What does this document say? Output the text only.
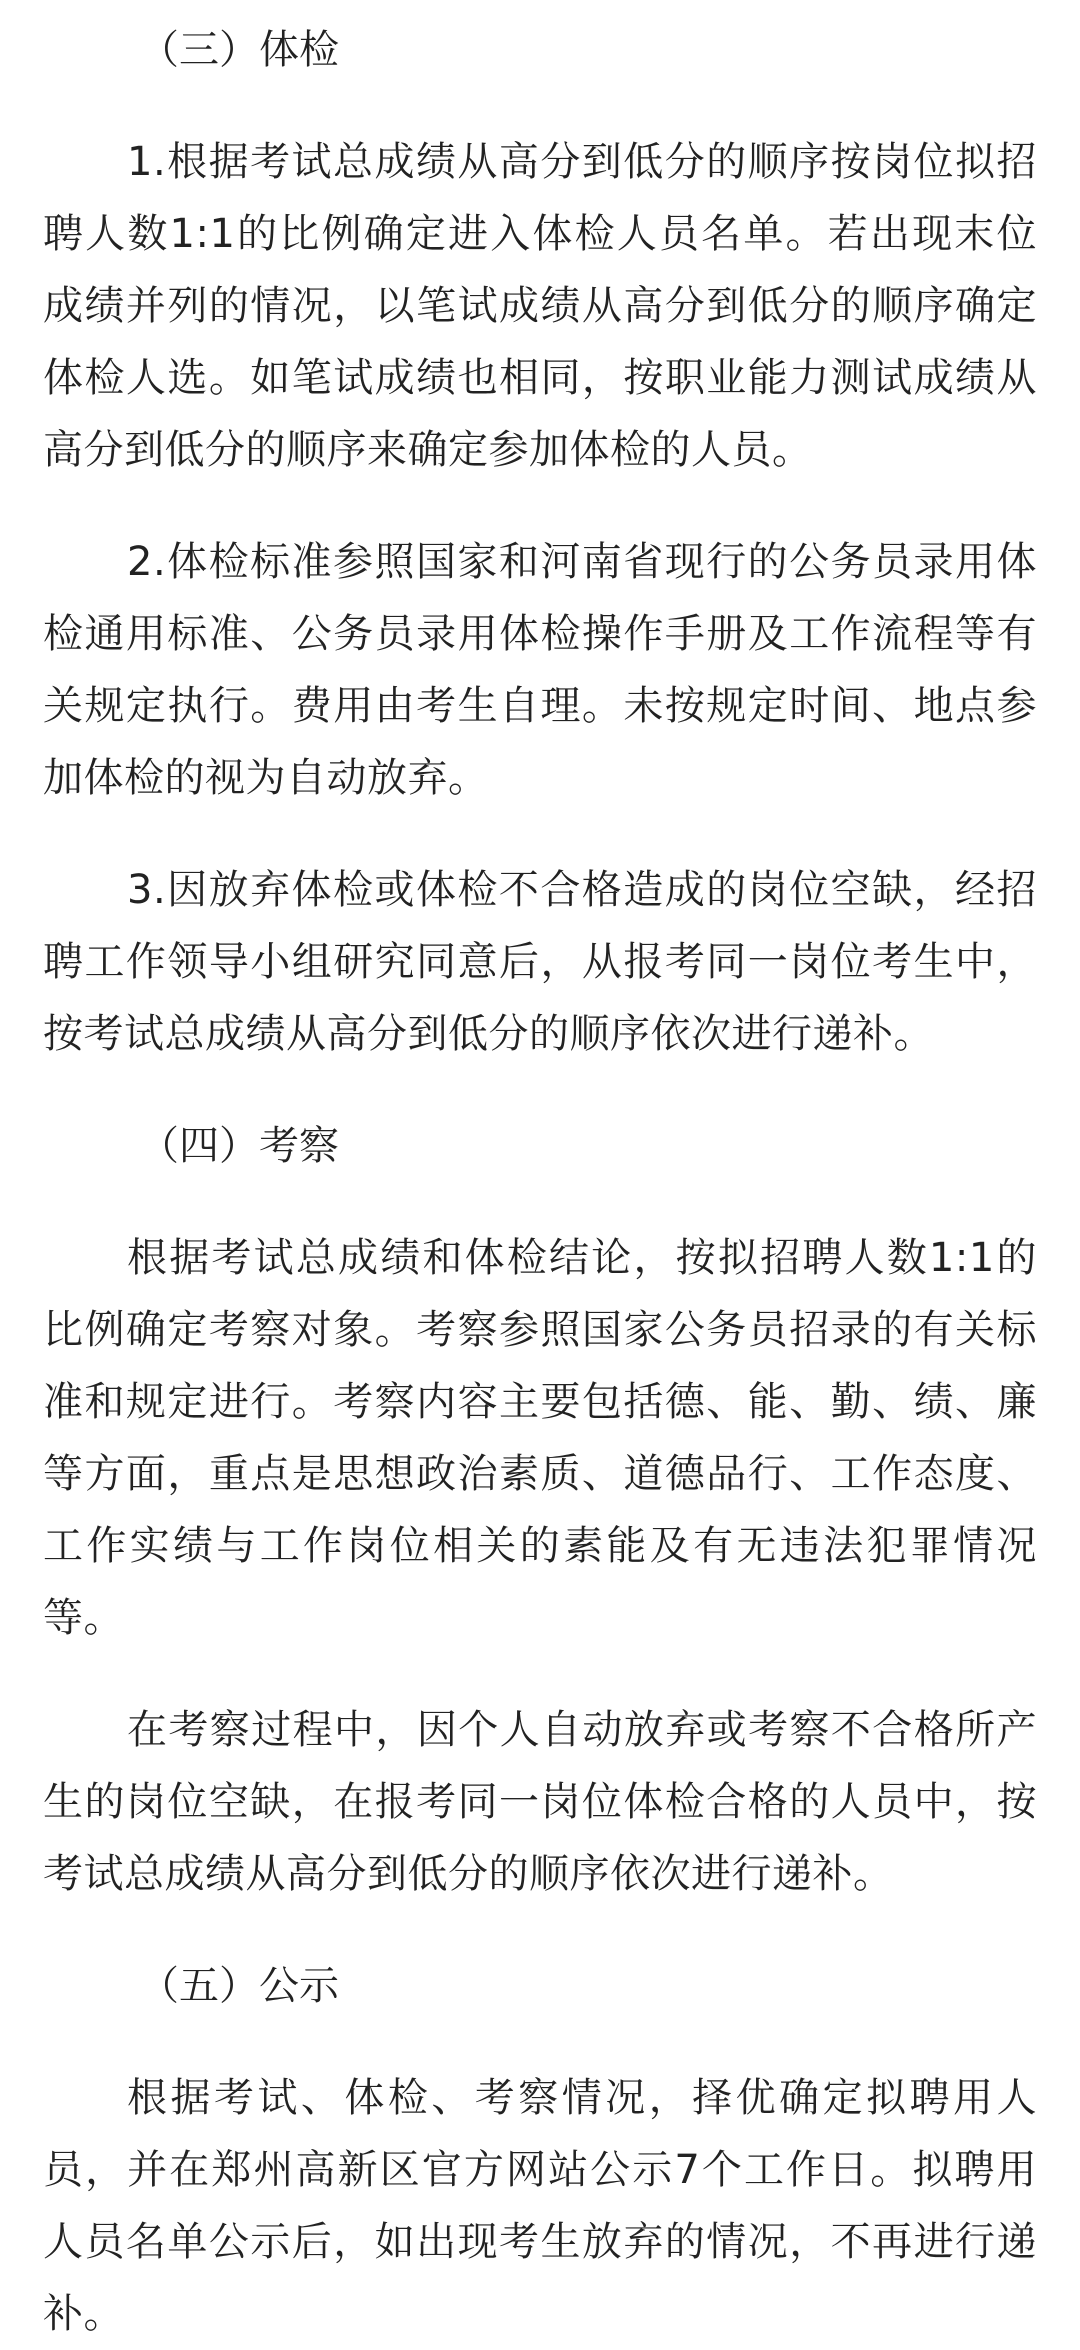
（三）体检

1.根据考试总成绩从高分到低分的顺序按岗位拟招聘人数1:1的比例确定进入体检人员名单。若出现末位成绩并列的情况，以笔试成绩从高分到低分的顺序确定体检人选。如笔试成绩也相同，按职业能力测试成绩从高分到低分的顺序来确定参加体检的人员。

2.体检标准参照国家和河南省现行的公务员录用体检通用标准、公务员录用体检操作手册及工作流程等有关规定执行。费用由考生自理。未按规定时间、地点参加体检的视为自动放弃。

3.因放弃体检或体检不合格造成的岗位空缺，经招聘工作领导小组研究同意后，从报考同一岗位考生中，按考试总成绩从高分到低分的顺序依次进行递补。

（四）考察

根据考试总成绩和体检结论，按拟招聘人数1:1的比例确定考察对象。考察参照国家公务员招录的有关标准和规定进行。考察内容主要包括德、能、勤、绩、廉等方面，重点是思想政治素质、道德品行、工作态度、工作实绩与工作岗位相关的素能及有无违法犯罪情况等。

在考察过程中，因个人自动放弃或考察不合格所产生的岗位空缺，在报考同一岗位体检合格的人员中，按考试总成绩从高分到低分的顺序依次进行递补。

（五）公示

根据考试、体检、考察情况，择优确定拟聘用人员，并在郑州高新区官方网站公示7个工作日。拟聘用人员名单公示后，如出现考生放弃的情况，不再进行递补。
